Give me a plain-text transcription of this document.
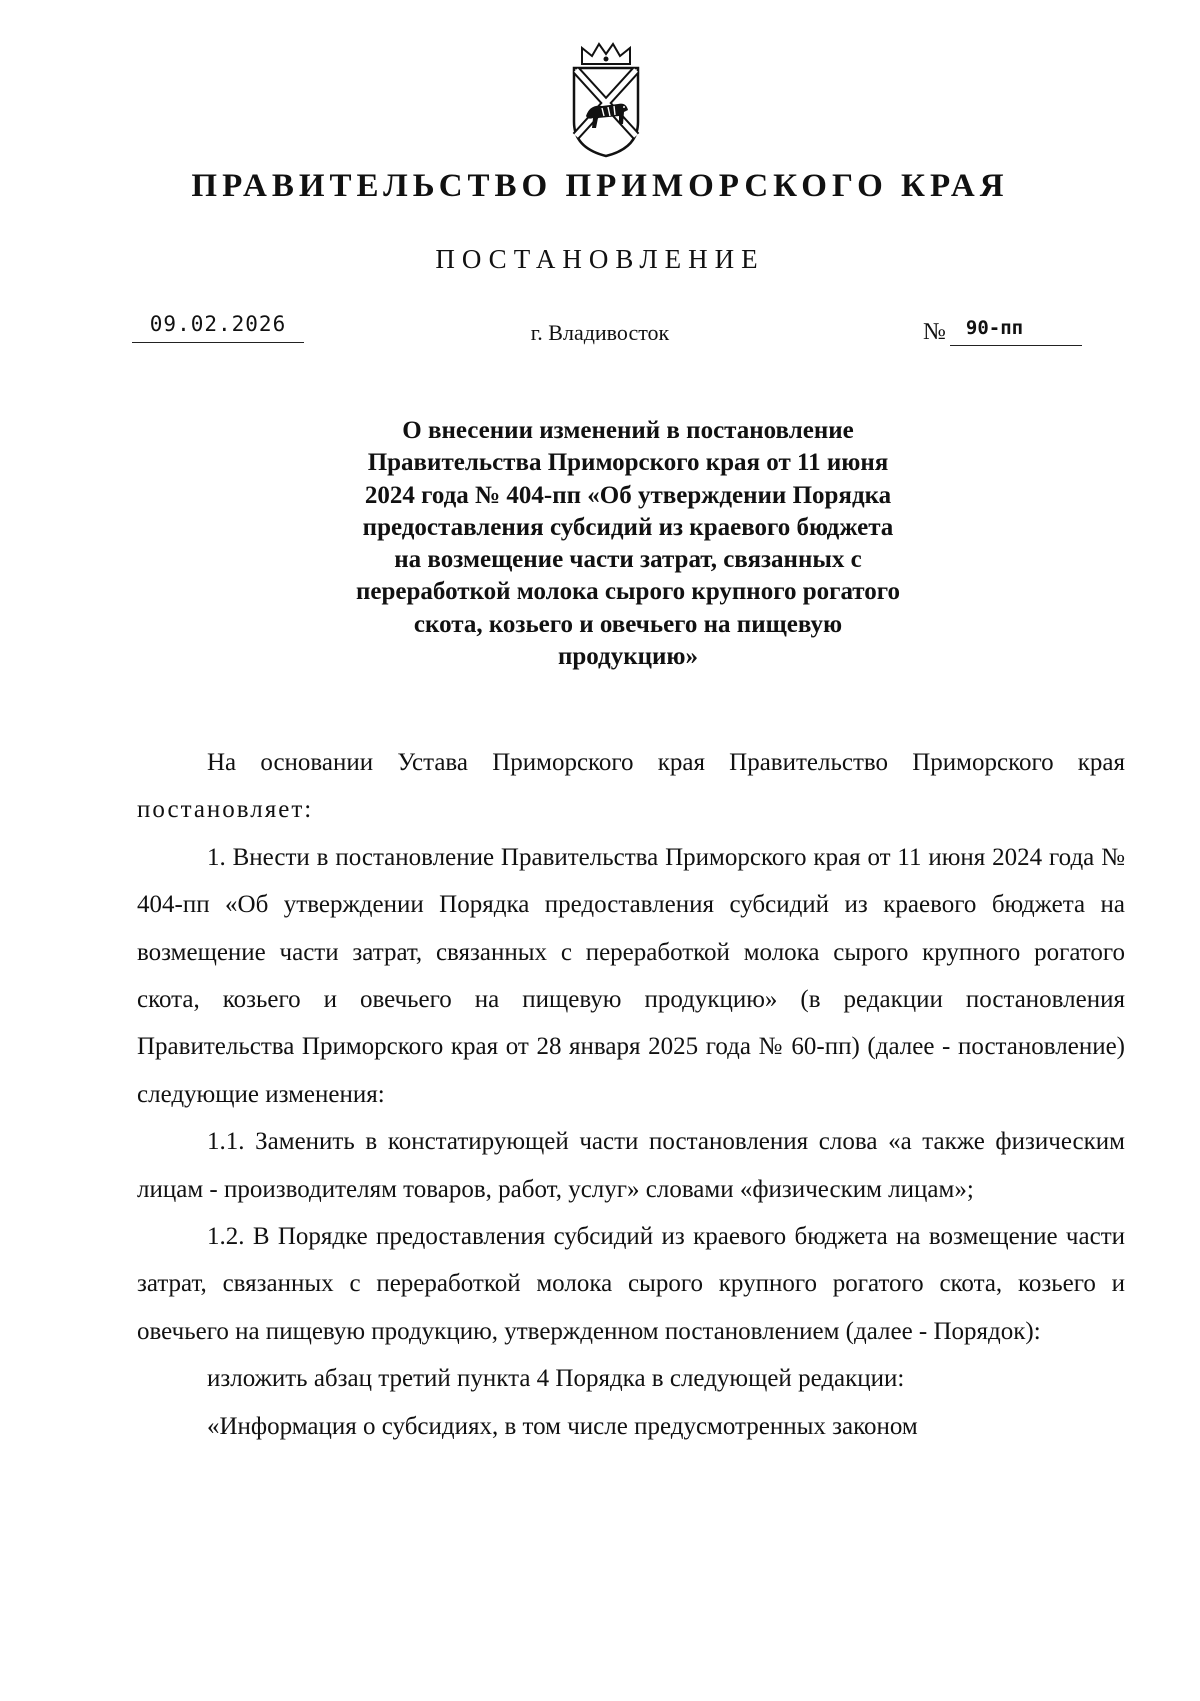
ПРАВИТЕЛЬСТВО ПРИМОРСКОГО КРАЯ
ПОСТАНОВЛЕНИЕ
09.02.2026	г. Владивосток	№ 90-пп
О внесении изменений в постановление
Правительства Приморского края от 11 июня
2024 года № 404-пп «Об утверждении Порядка
предоставления субсидий из краевого бюджета
на возмещение части затрат, связанных с
переработкой молока сырого крупного рогатого
скота, козьего и овечьего на пищевую
продукцию»

На основании Устава Приморского края Правительство Приморского края постановляет:

1. Внести в постановление Правительства Приморского края от 11 июня 2024 года № 404-пп «Об утверждении Порядка предоставления субсидий из краевого бюджета на возмещение части затрат, связанных с переработкой молока сырого крупного рогатого скота, козьего и овечьего на пищевую продукцию» (в редакции постановления Правительства Приморского края от 28 января 2025 года № 60-пп) (далее - постановление) следующие изменения:

1.1. Заменить в констатирующей части постановления слова «а также физическим лицам - производителям товаров, работ, услуг» словами «физическим лицам»;

1.2. В Порядке предоставления субсидий из краевого бюджета на возмещение части затрат, связанных с переработкой молока сырого крупного рогатого скота, козьего и овечьего на пищевую продукцию, утвержденном постановлением (далее - Порядок):

изложить абзац третий пункта 4 Порядка в следующей редакции:

«Информация о субсидиях, в том числе предусмотренных законом
